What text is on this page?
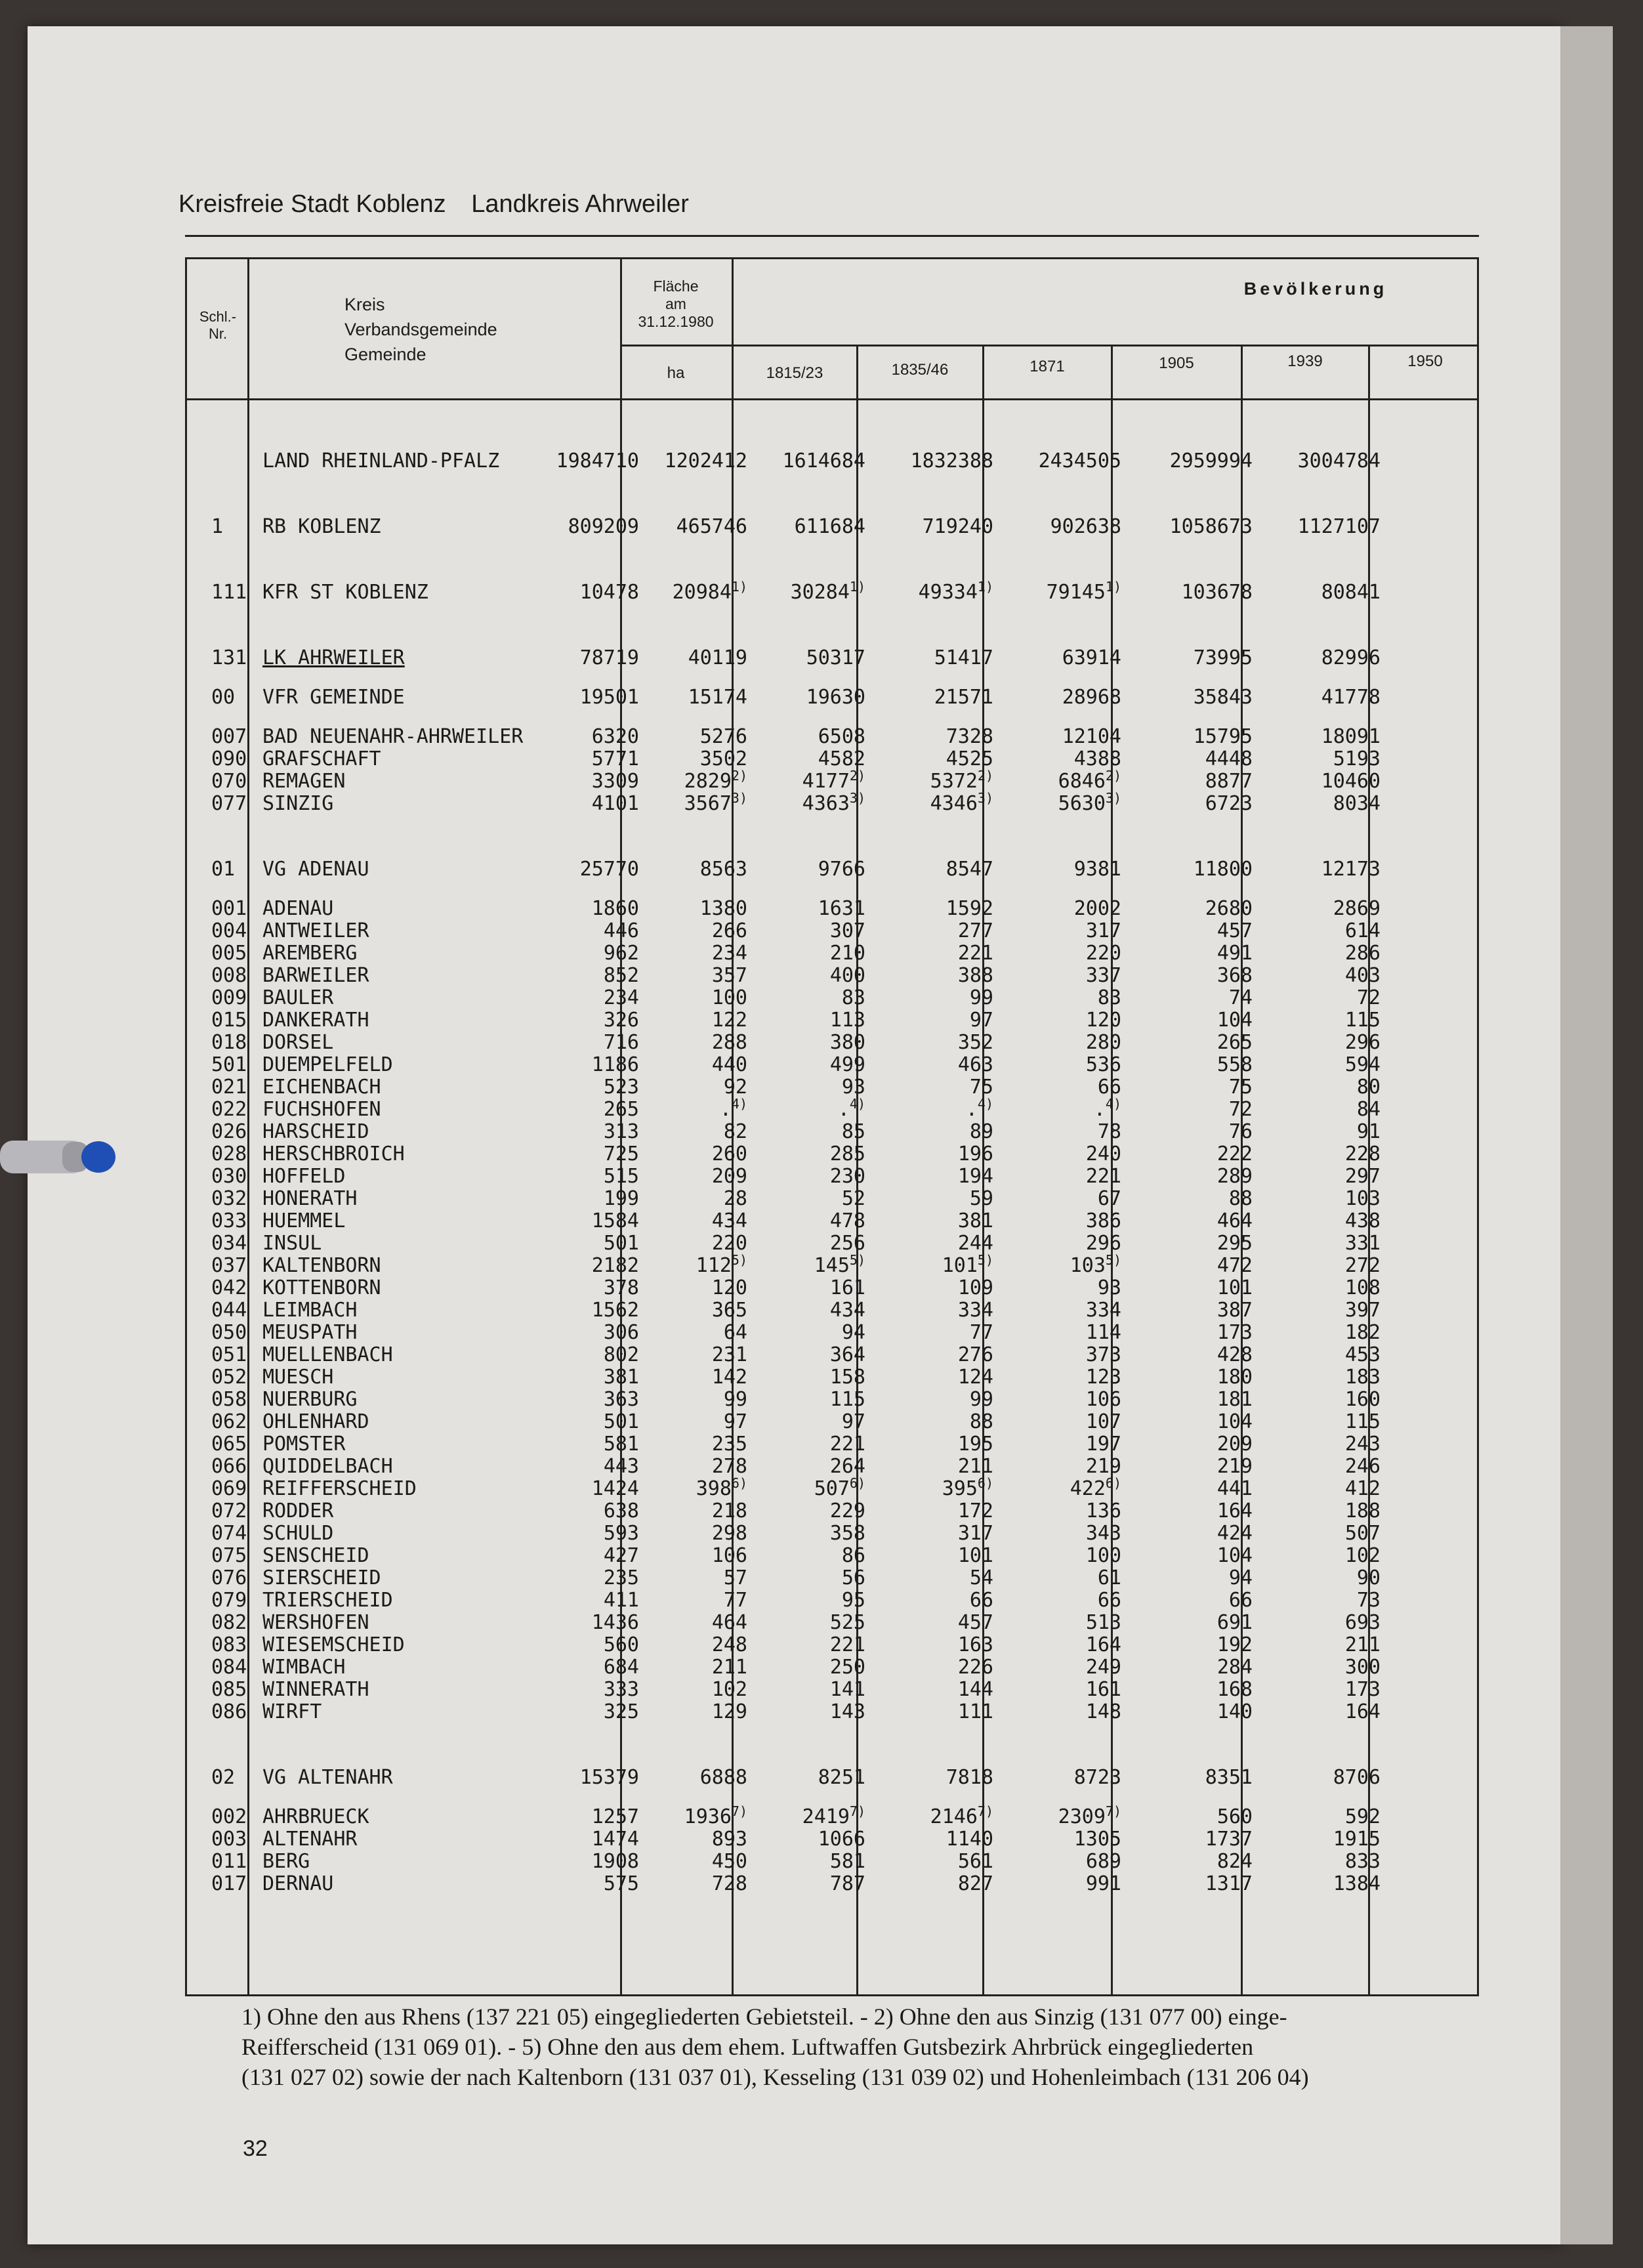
Kreisfreie Stadt Koblenz Landkreis Ahrweiler
Schl.-
Nr.
Kreis
Verbandsgemeinde
Gemeinde
Fläche
am
31.12.1980
ha
Bevölkerung
1815/23	1835/46	1871	1905	1939	1950
LAND RHEINLAND-PFALZ	1984710 1202412 1614684 1832388 2434505 2959994 3004784
1 RB KOBLENZ	809209 465746 611684	719240	902638 1058673 1127107
111 KFR ST KOBLENZ	10478 20984$^{1)}$ 30284$^{1)}$	49334$^{1)}$	79145$^{1)}$	103678	80841
131 LK AHRWEILER	78719 40119	50317	51417	63914	73995	82996
00 VFR GEMEINDE	19501 15174	19630	21571	28968	35843	41778
007 BAD NEUENAHR-AHRWEILER	6320	5276	6508	7328	12104	15795	18091
090 GRAFSCHAFT	5771	3502	4582	4525	4388	4448	5193
070 REMAGEN	3309 2829$^{2)}$	4177$^{2)}$	5372$^{2)}$	6846$^{2)}$	8877	10460
077 SINZIG	4101 3567$^{3)}$	4363$^{3)}$	4346$^{3)}$	5630$^{3)}$	6723	8034
01 VG ADENAU	25770	8563	9766	8547	9381	11800	12173
001 ADENAU	1860	1380	1631	1592	2002	2680	2869
004 ANTWEILER	446	266	307	277	317	457	614
005 AREMBERG	962	234	210	221	220	491	286
008 BARWEILER	852	357	400	388	337	368	403
009 BAULER	234	100	83	99	83	74	72
015 DANKERATH	326	122	113	97	120	104	115
018 DORSEL	716	288	380	352	280	265	296
501 DUEMPELFELD	1186	440	499	463	536	558	594
021 EICHENBACH	523	92	93	75	66	75	80
022 FUCHSHOFEN	265	.$^{4)}$	.$^{4)}$	.$^{4)}$	.$^{4)}$	72	84
026 HARSCHEID	313	82	85	89	78	76	91
028 HERSCHBROICH	725	260	285	196	240	222	228
030 HOFFELD	515	209	230	194	221	289	297
032 HONERATH	199	28	52	59	67	88	103
033 HUEMMEL	1584	434	478	381	386	464	438
034 INSUL	501	220	256	244	296	295	331
037 KALTENBORN	2182	112$^{5)}$	145$^{5)}$	101$^{5)}$	103$^{5)}$	472	272
042 KOTTENBORN	378	120	161	109	93	101	108
044 LEIMBACH	1562	365	434	334	334	387	397
050 MEUSPATH	306	64	94	77	114	173	182
051 MUELLENBACH	802	231	364	276	373	428	453
052 MUESCH	381	142	158	124	123	180	183
058 NUERBURG	363	99	115	99	106	181	160
062 OHLENHARD	501	97	97	88	107	104	115
065 POMSTER	581	235	221	195	197	209	243
066 QUIDDELBACH	443	278	264	211	219	219	246
069 REIFFERSCHEID	1424	398$^{6)}$	507$^{6)}$	395$^{6)}$	422$^{6)}$	441	412
072 RODDER	638	218	229	172	136	164	188
074 SCHULD	593	298	358	317	343	424	507
075 SENSCHEID	427	106	86	101	100	104	102
076 SIERSCHEID	235	57	56	54	61	94	90
079 TRIERSCHEID	411	77	95	66	66	66	73
082 WERSHOFEN	1436	464	525	457	513	691	693
083 WIESEMSCHEID	560	248	221	163	164	192	211
084 WIMBACH	684	211	250	226	249	284	300
085 WINNERATH	333	102	141	144	161	168	173
086 WIRFT	325	129	143	111	148	140	164
02 VG ALTENAHR	15379	6888	8251	7818	8723	8351	8706
002 AHRBRUECK	1257 1936$^{7)}$	2419$^{7)}$	2146$^{7)}$	2309$^{7)}$	560	592
003 ALTENAHR	1474	893	1066	1140	1305	1737	1915
011 BERG	1908	450	581	561	689	824	833
017 DERNAU	575	728	787	827	991	1317	1384
1) Ohne den aus Rhens (137 221 05) eingegliederten Gebietsteil. - 2) Ohne den aus Sinzig (131 077 00) einge-
Reifferscheid (131 069 01). - 5) Ohne den aus dem ehem. Luftwaffen Gutsbezirk Ahrbrück eingegliederten
(131 027 02) sowie der nach Kaltenborn (131 037 01), Kesseling (131 039 02) und Hohenleimbach (131 206 04)
32
